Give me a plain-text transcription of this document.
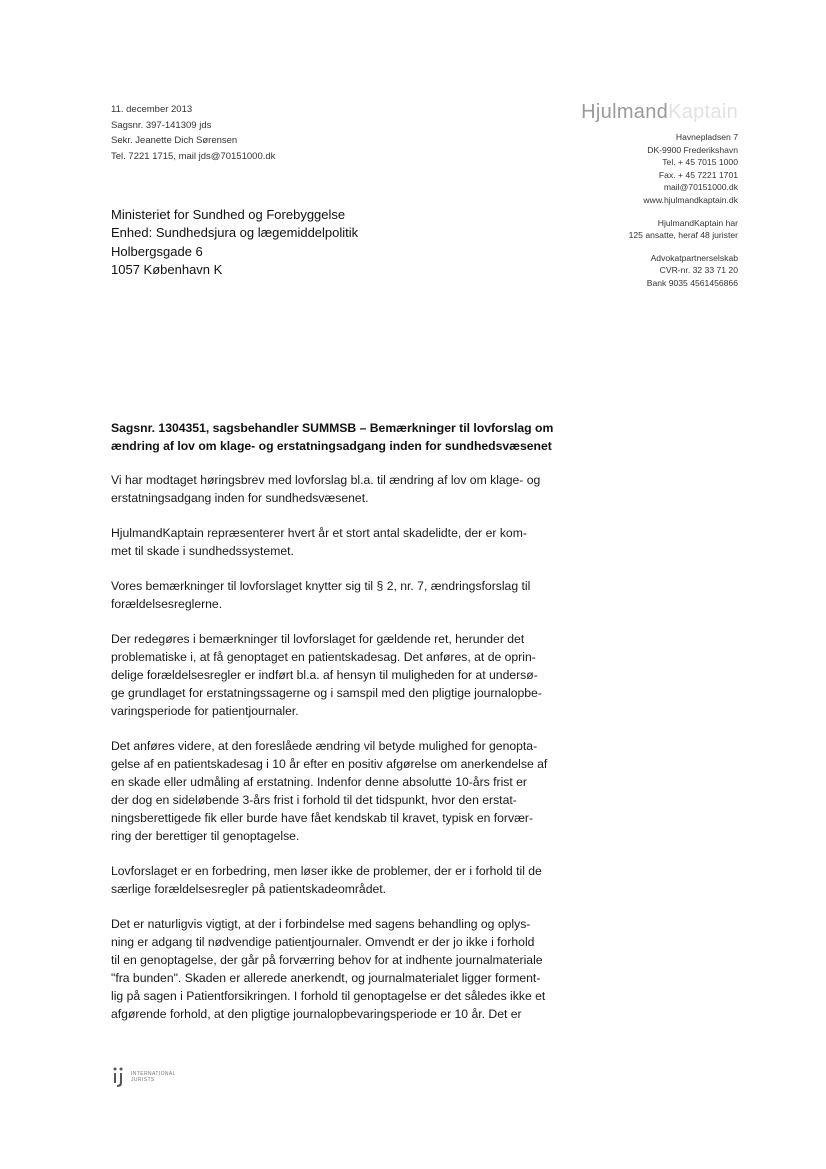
11. december 2013
Sagsnr. 397-141309 jds
Sekr. Jeanette Dich Sørensen
Tel. 7221 1715, mail jds@70151000.dk
HjulmandKaptain
Havnepladsen 7
DK-9900 Frederikshavn
Tel. + 45 7015 1000
Fax. + 45 7221 1701
mail@70151000.dk
www.hjulmandkaptain.dk
HjulmandKaptain har
125 ansatte, heraf 48 jurister
Advokatpartnerselskab
CVR-nr. 32 33 71 20
Bank 9035 4561456866
Ministeriet for Sundhed og Forebyggelse
Enhed: Sundhedsjura og lægemiddelpolitik
Holbergsgade 6
1057 København K
Sagsnr. 1304351, sagsbehandler SUMMSB – Bemærkninger til lovforslag om
ændring af lov om klage- og erstatningsadgang inden for sundhedsvæsenet

Vi har modtaget høringsbrev med lovforslag bl.a. til ændring af lov om klage- og
erstatningsadgang inden for sundhedsvæsenet.

HjulmandKaptain repræsenterer hvert år et stort antal skadelidte, der er kom-
met til skade i sundhedssystemet.

Vores bemærkninger til lovforslaget knytter sig til § 2, nr. 7, ændringsforslag til
forældelsesreglerne.

Der redegøres i bemærkninger til lovforslaget for gældende ret, herunder det
problematiske i, at få genoptaget en patientskadesag. Det anføres, at de oprin-
delige forældelsesregler er indført bl.a. af hensyn til muligheden for at undersø-
ge grundlaget for erstatningssagerne og i samspil med den pligtige journalopbe-
varingsperiode for patientjournaler.

Det anføres videre, at den foreslåede ændring vil betyde mulighed for genopta-
gelse af en patientskadesag i 10 år efter en positiv afgørelse om anerkendelse af
en skade eller udmåling af erstatning. Indenfor denne absolutte 10-års frist er
der dog en sideløbende 3-års frist i forhold til det tidspunkt, hvor den erstat-
ningsberettigede fik eller burde have fået kendskab til kravet, typisk en forvær-
ring der berettiger til genoptagelse.

Lovforslaget er en forbedring, men løser ikke de problemer, der er i forhold til de
særlige forældelsesregler på patientskadeområdet.

Det er naturligvis vigtigt, at der i forbindelse med sagens behandling og oplys-
ning er adgang til nødvendige patientjournaler. Omvendt er der jo ikke i forhold
til en genoptagelse, der går på forværring behov for at indhente journalmateriale
"fra bunden". Skaden er allerede anerkendt, og journalmaterialet ligger forment-
lig på sagen i Patientforsikringen. I forhold til genoptagelse er det således ikke et
afgørende forhold, at den pligtige journalopbevaringsperiode er 10 år. Det er

INTERNATIONAL
JURISTS
